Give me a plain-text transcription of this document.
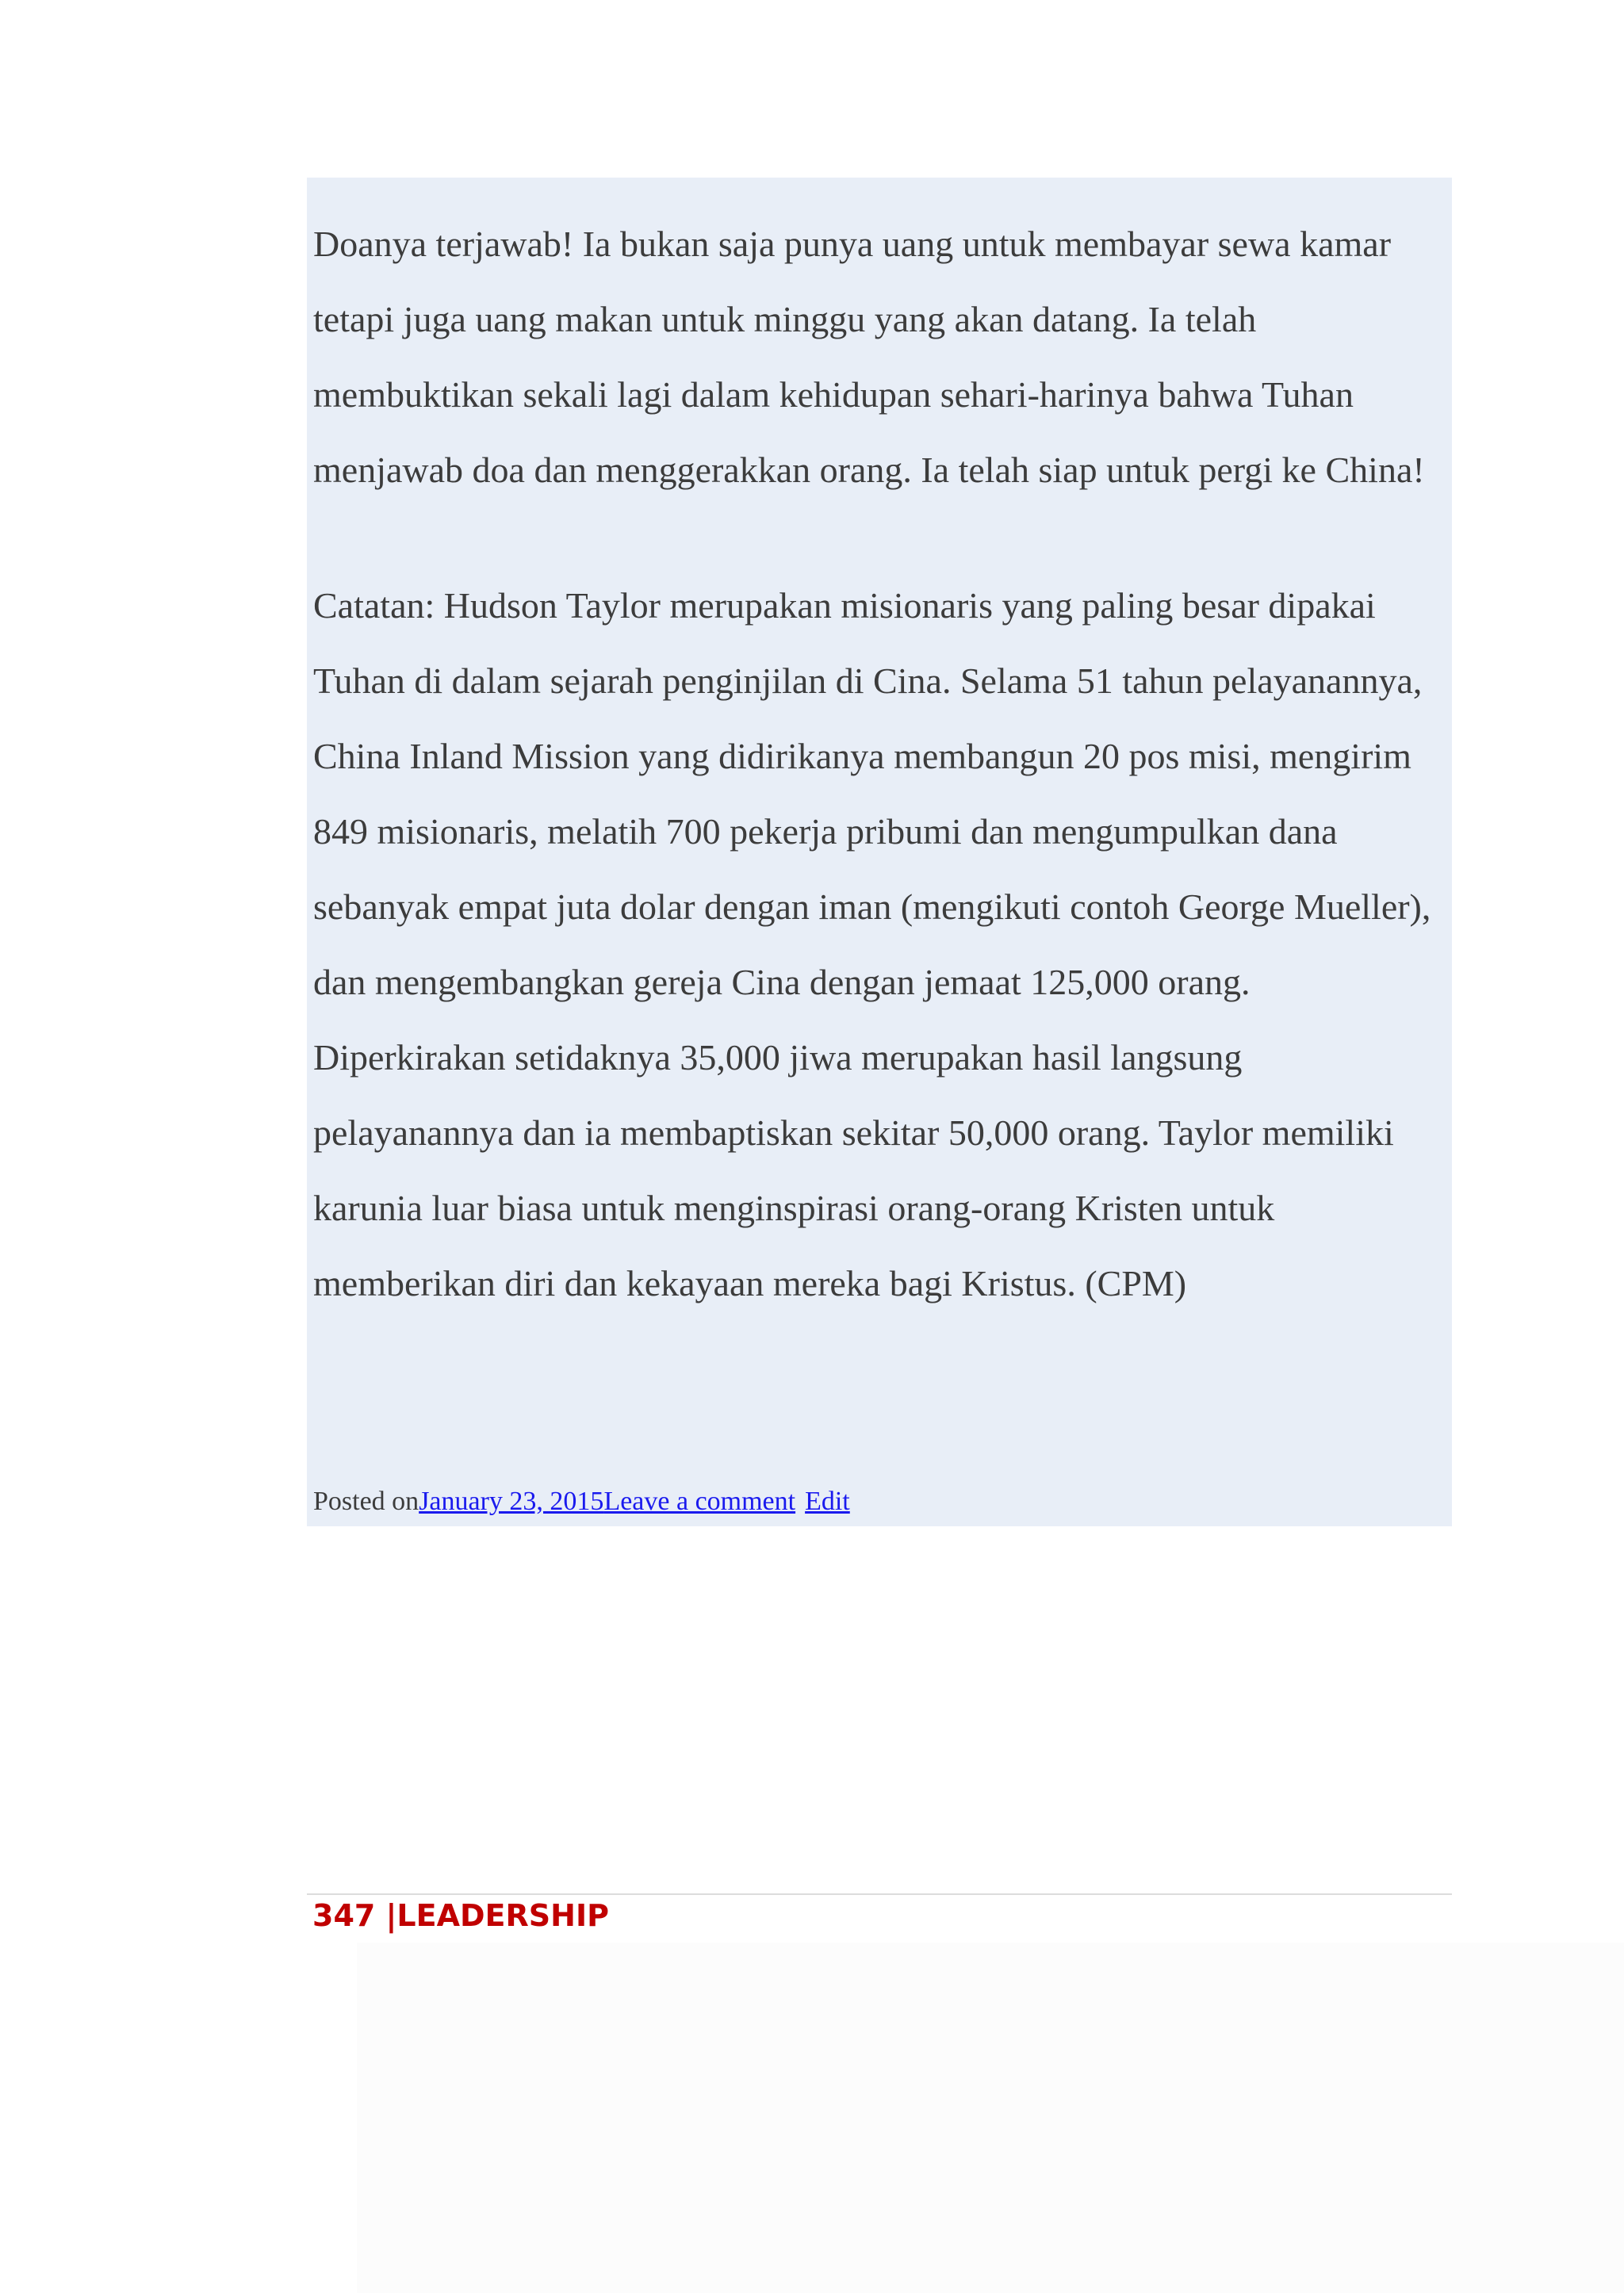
Doanya terjawab! Ia bukan saja punya uang untuk membayar sewa kamar tetapi juga uang makan untuk minggu yang akan datang. Ia telah membuktikan sekali lagi dalam kehidupan sehari-harinya bahwa Tuhan menjawab doa dan menggerakkan orang. Ia telah siap untuk pergi ke China!

Catatan: Hudson Taylor merupakan misionaris yang paling besar dipakai Tuhan di dalam sejarah penginjilan di Cina. Selama 51 tahun pelayanannya, China Inland Mission yang didirikanya membangun 20 pos misi, mengirim 849 misionaris, melatih 700 pekerja pribumi dan mengumpulkan dana sebanyak empat juta dolar dengan iman (mengikuti contoh George Mueller), dan mengembangkan gereja Cina dengan jemaat 125,000 orang. Diperkirakan setidaknya 35,000 jiwa merupakan hasil langsung pelayanannya dan ia membaptiskan sekitar 50,000 orang. Taylor memiliki karunia luar biasa untuk menginspirasi orang-orang Kristen untuk memberikan diri dan kekayaan mereka bagi Kristus. (CPM)

Posted onJanuary 23, 2015Leave a comment Edit
347 |LEADERSHIP
